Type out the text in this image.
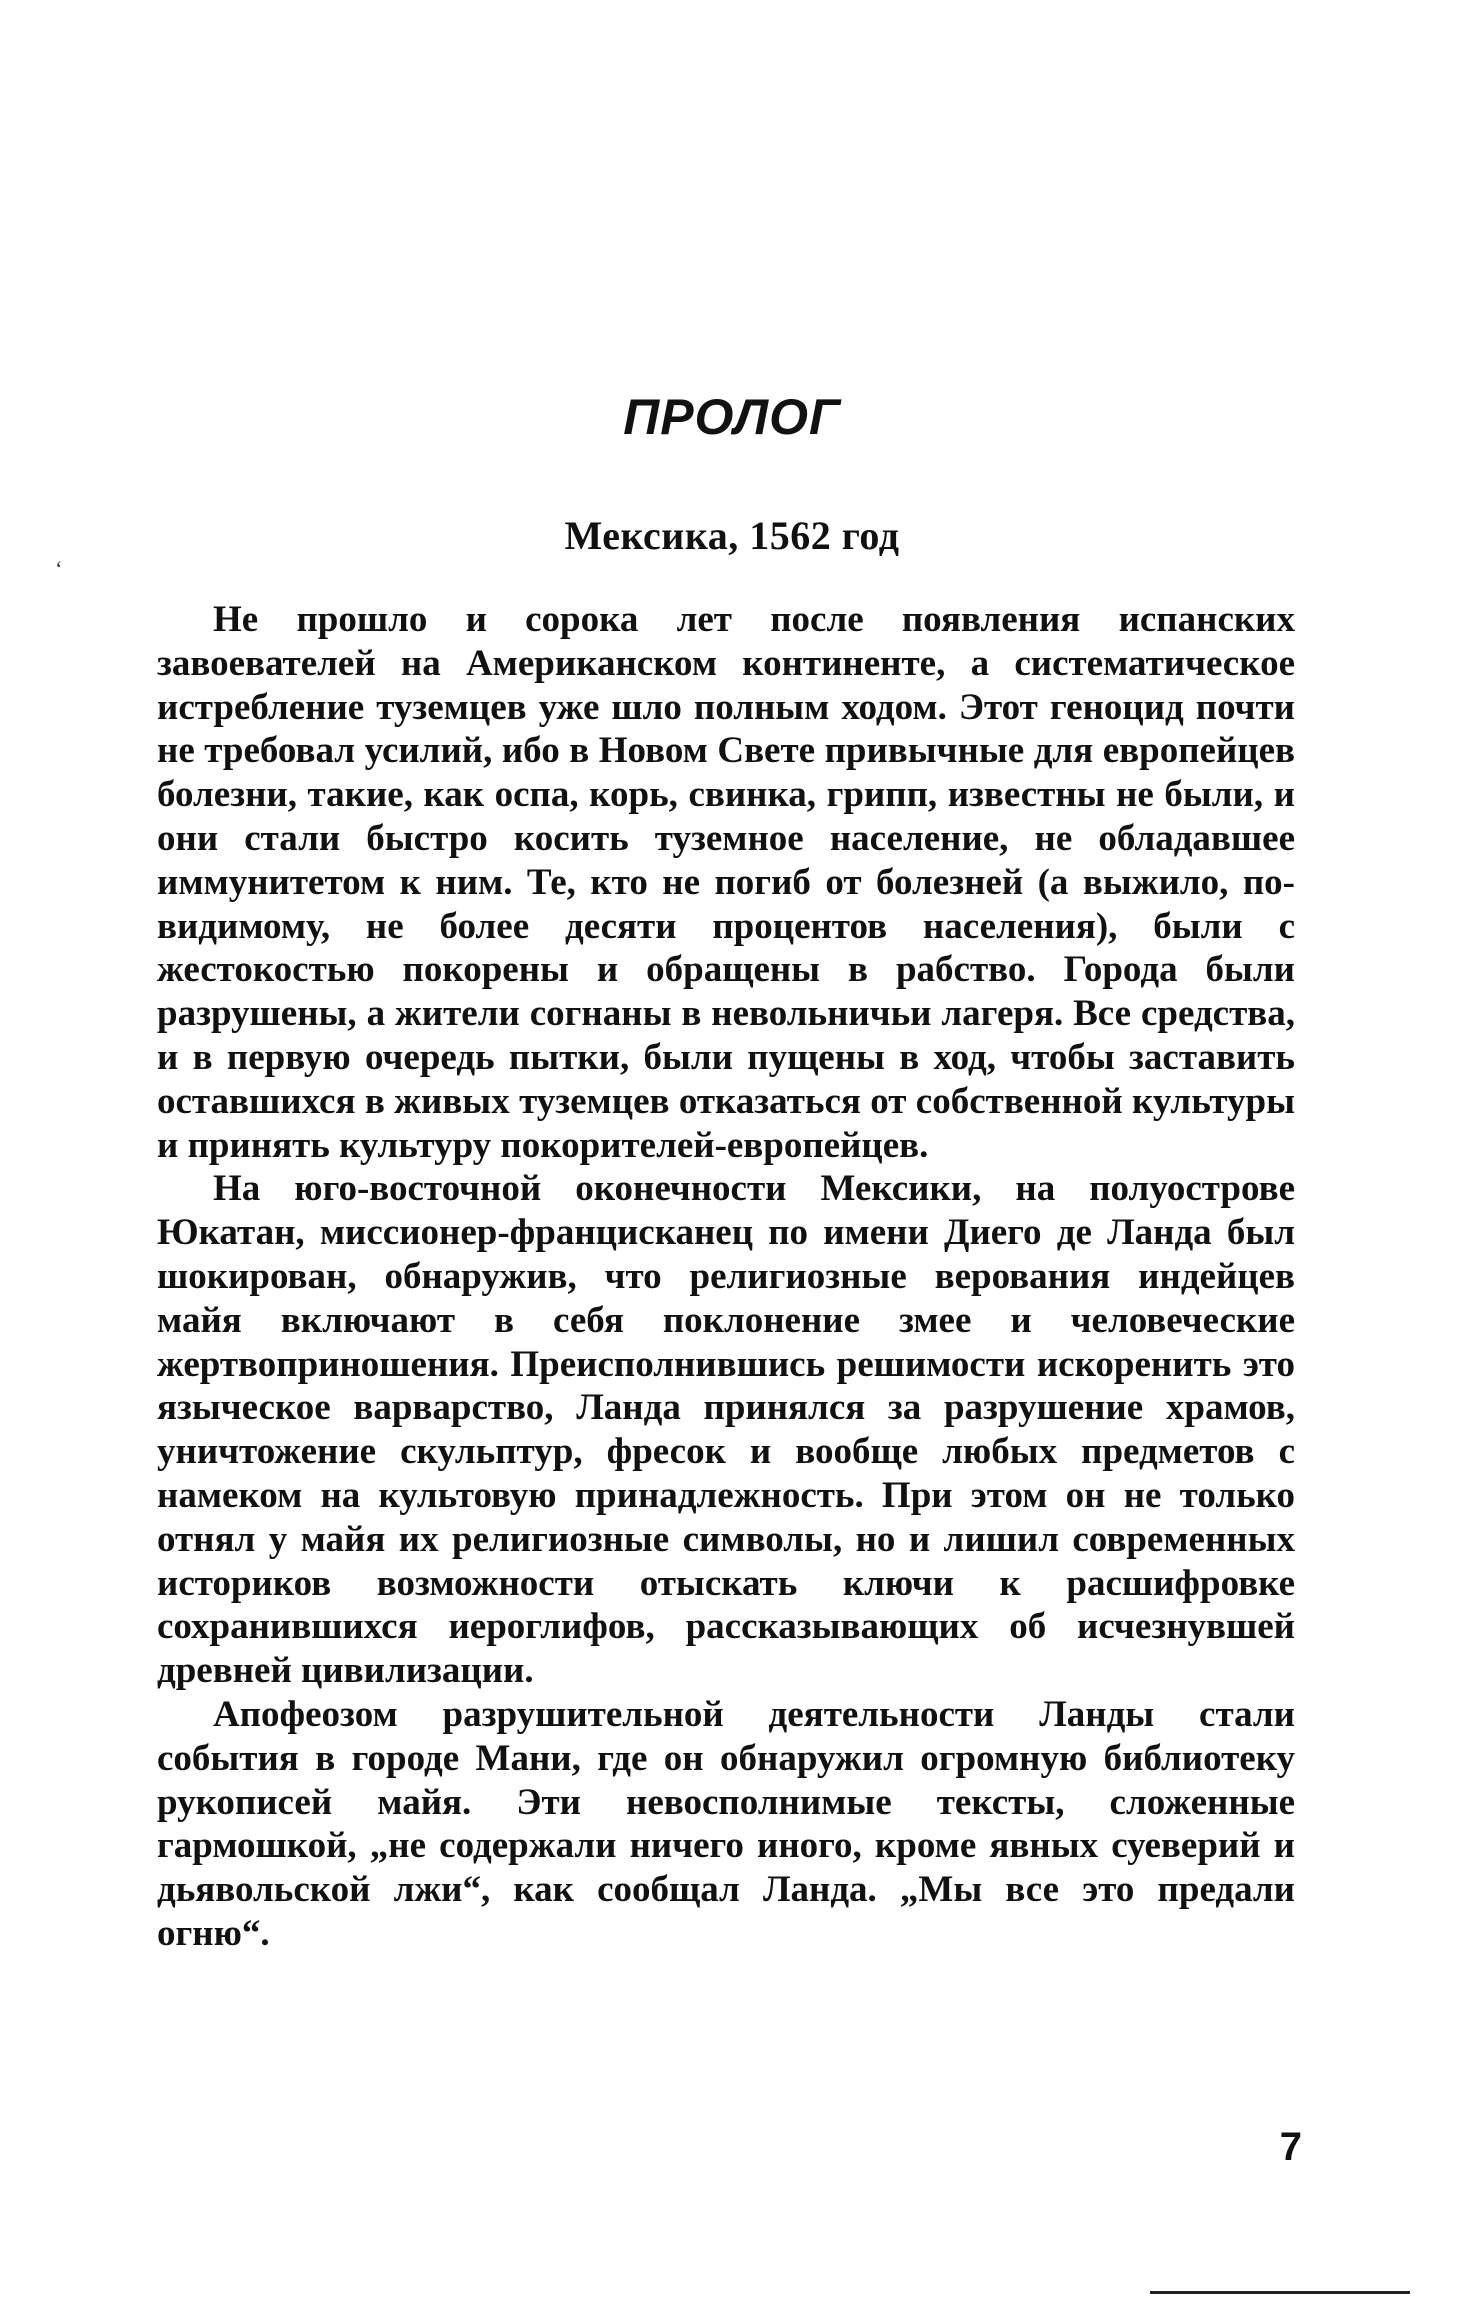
ПРОЛОГ
Мексика, 1562 год
ʻ

Не прошло и сорока лет после появления испанских завоевателей на Американском континенте, а систематическое истребление туземцев уже шло полным ходом. Этот геноцид почти не требовал усилий, ибо в Новом Свете привычные для европейцев болезни, такие, как оспа, корь, свинка, грипп, известны не были, и они стали быстро косить туземное население, не обладавшее иммунитетом к ним. Те, кто не погиб от болезней (а выжило, по-видимому, не более десяти процентов населения), были с жестокостью покорены и обращены в рабство. Города были разрушены, а жители согнаны в невольничьи лагеря. Все средства, и в первую очередь пытки, были пущены в ход, чтобы заставить оставшихся в живых туземцев отказаться от собственной культуры и принять культуру покорителей-европейцев.

На юго-восточной оконечности Мексики, на полуострове Юкатан, миссионер-францисканец по имени Диего де Ланда был шокирован, обнаружив, что религиозные верования индейцев майя включают в себя поклонение змее и человеческие жертвоприношения. Преисполнившись решимости искоренить это языческое варварство, Ланда принялся за разрушение храмов, уничтожение скульптур, фресок и вообще любых предметов с намеком на культовую принадлежность. При этом он не только отнял у майя их религиозные символы, но и лишил современных историков возможности отыскать ключи к расшифровке сохранившихся иероглифов, рассказывающих об исчезнувшей древней цивилизации.

Апофеозом разрушительной деятельности Ланды стали события в городе Мани, где он обнаружил огромную библиотеку рукописей майя. Эти невосполнимые тексты, сложенные гармошкой, „не содержали ничего иного, кроме явных суеверий и дьявольской лжи“, как сообщал Ланда. „Мы все это предали огню“.

7
